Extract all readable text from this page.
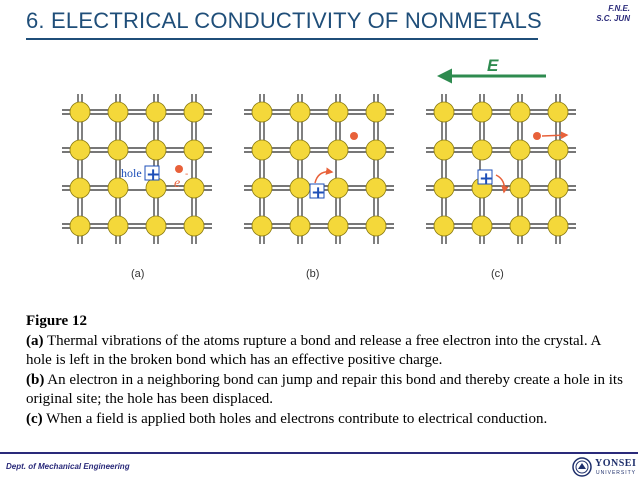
6. ELECTRICAL CONDUCTIVITY OF NONMETALS	F.N.E.
S.C. JUN
E
+
hole
e
-
+
+
(a)	(b)	(c)

Figure 12

(a) Thermal vibrations of the atoms rupture a bond and release a free electron into the crystal. A hole is left in the broken bond which has an effective positive charge.

(b) An electron in a neighboring bond can jump and repair this bond and thereby create a hole in its original site; the hole has been displaced.

(c) When a field is applied both holes and electrons contribute to electrical conduction.

Dept. of Mechanical Engineering	YONSEI
UNIVERSITY
